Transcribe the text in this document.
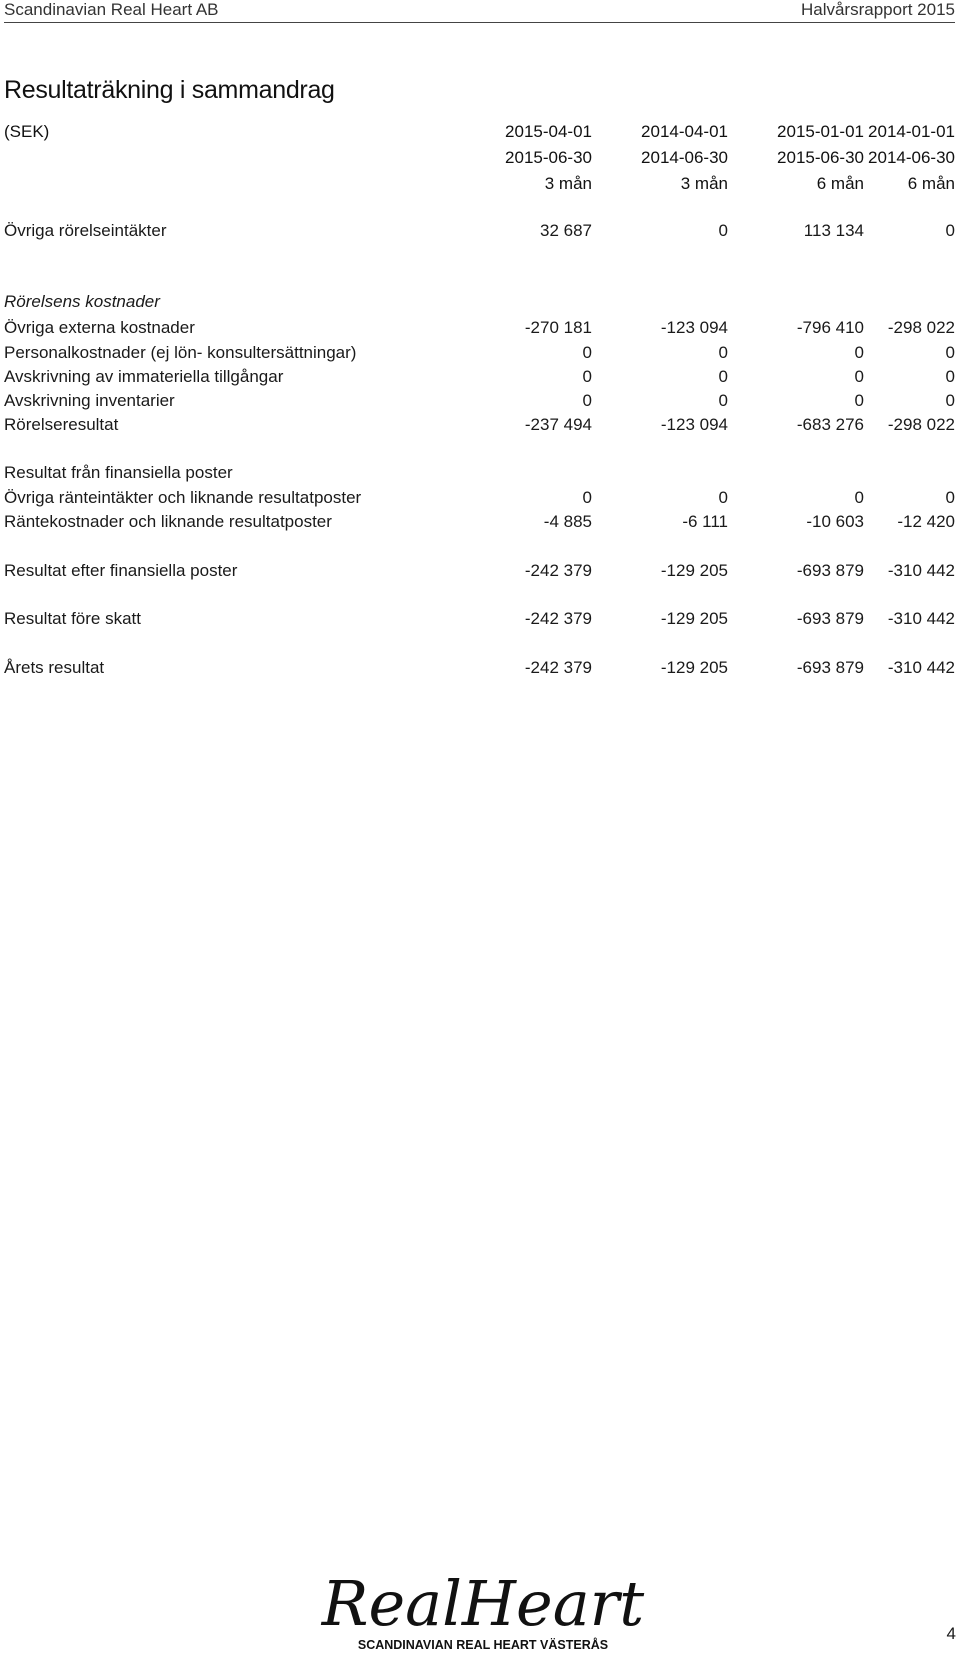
Scandinavian Real Heart AB	Halvårsrapport 2015
Resultaträkning i sammandrag
(SEK)	2015-04-01	2014-04-01	2015-01-01 2014-01-01
2015-06-30	2014-06-30	2015-06-30 2014-06-30
3 mån	3 mån	6 mån	6 mån
Övriga rörelseintäkter	32 687	0	113 134	0
Rörelsens kostnader
Övriga externa kostnader	-270 181	-123 094	-796 410	-298 022
Personalkostnader (ej lön- konsultersättningar)	0	0	0	0
Avskrivning av immateriella tillgångar	0	0	0	0
Avskrivning inventarier	0	0	0	0
Rörelseresultat	-237 494	-123 094	-683 276	-298 022
Resultat från finansiella poster
Övriga ränteintäkter och liknande resultatposter	0	0	0	0
Räntekostnader och liknande resultatposter	-4 885	-6 111	-10 603	-12 420
Resultat efter finansiella poster	-242 379	-129 205	-693 879	-310 442
Resultat före skatt	-242 379	-129 205	-693 879	-310 442
Årets resultat	-242 379	-129 205	-693 879	-310 442
RealHeart
SCANDINAVIAN REAL HEART VÄSTERÅS
4
